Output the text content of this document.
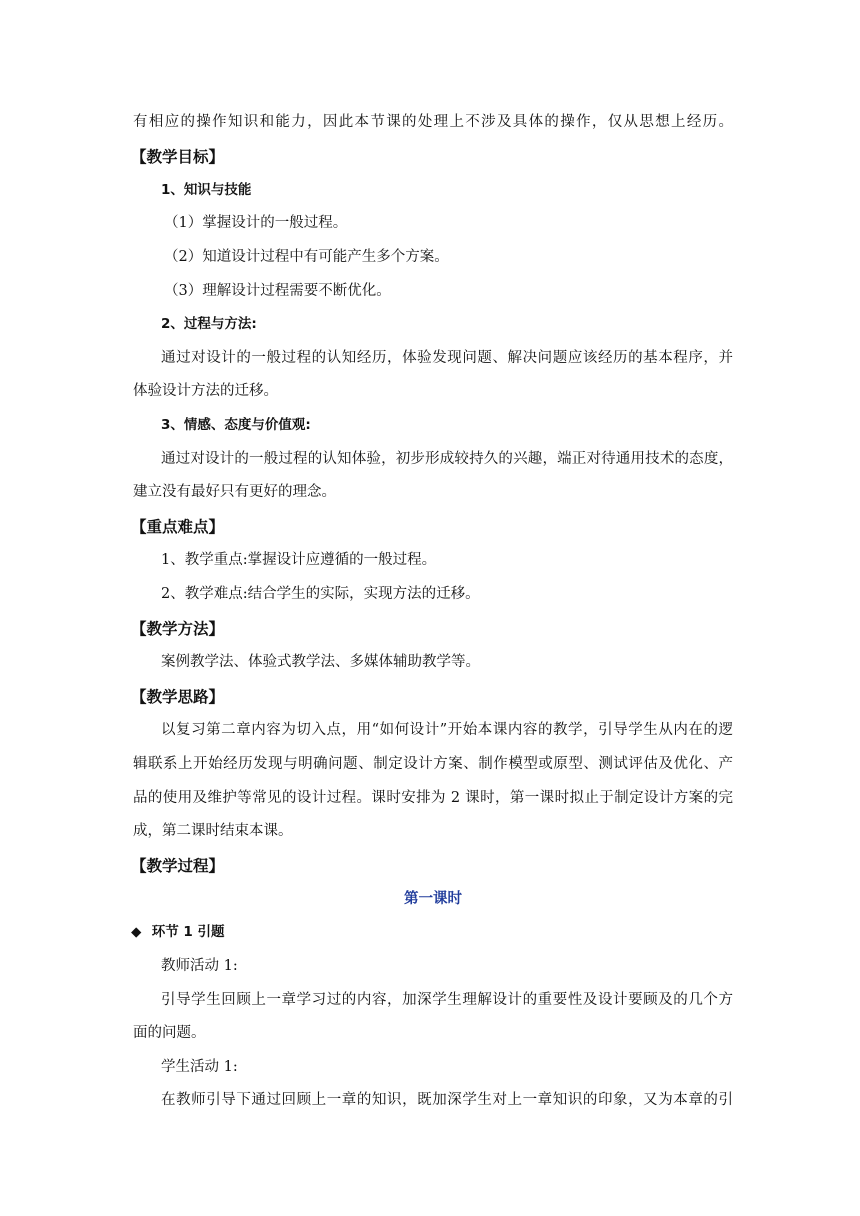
有相应的操作知识和能力，因此本节课的处理上不涉及具体的操作，仅从思想上经历。
【教学目标】
1、知识与技能
（1）掌握设计的一般过程。
（2）知道设计过程中有可能产生多个方案。
（3）理解设计过程需要不断优化。
2、过程与方法:
通过对设计的一般过程的认知经历，体验发现问题、解决问题应该经历的基本程序，并
体验设计方法的迁移。
3、情感、态度与价值观:
通过对设计的一般过程的认知体验，初步形成较持久的兴趣，端正对待通用技术的态度，
建立没有最好只有更好的理念。
【重点难点】
1、教学重点:掌握设计应遵循的一般过程。
2、教学难点:结合学生的实际，实现方法的迁移。
【教学方法】
案例教学法、体验式教学法、多媒体辅助教学等。
【教学思路】
以复习第二章内容为切入点，用“如何设计”开始本课内容的教学，引导学生从内在的逻
辑联系上开始经历发现与明确问题、制定设计方案、制作模型或原型、测试评估及优化、产
品的使用及维护等常见的设计过程。课时安排为 2 课时，第一课时拟止于制定设计方案的完
成，第二课时结束本课。
【教学过程】
第一课时
◆ 环节 1 引题
教师活动 1:
引导学生回顾上一章学习过的内容，加深学生理解设计的重要性及设计要顾及的几个方
面的问题。
学生活动 1:
在教师引导下通过回顾上一章的知识，既加深学生对上一章知识的印象，又为本章的引
